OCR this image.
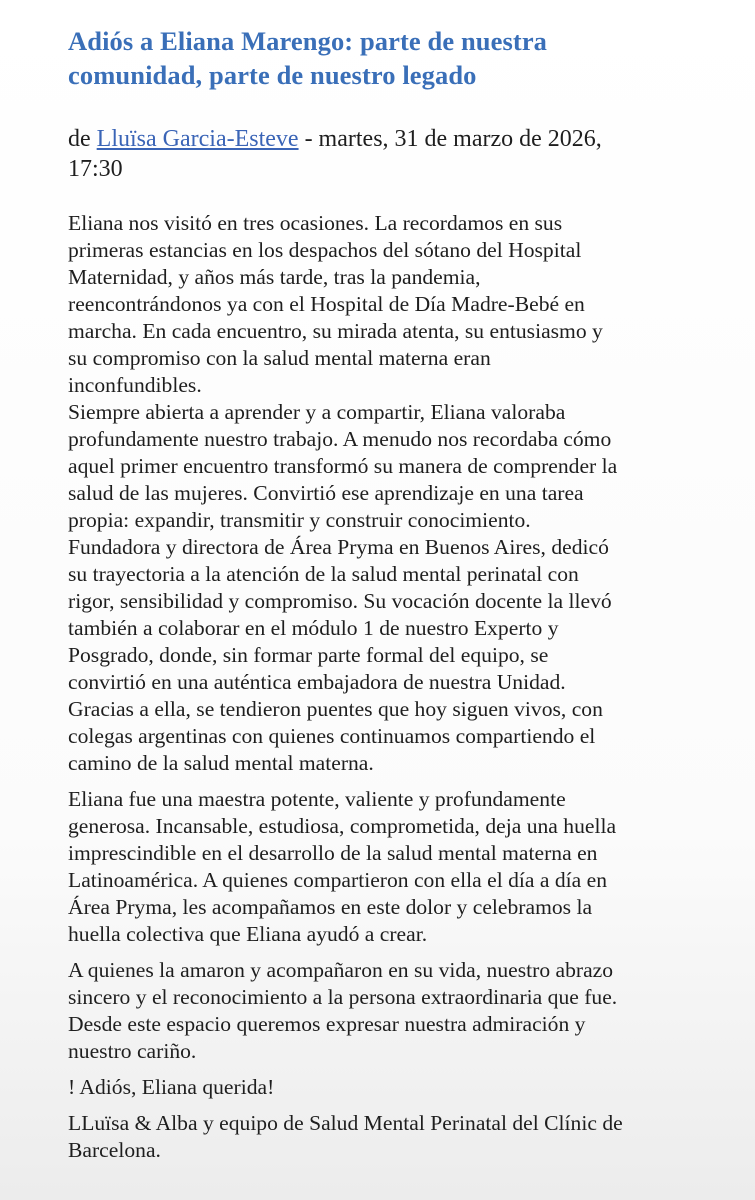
Adiós a Eliana Marengo: parte de nuestra
comunidad, parte de nuestro legado
de Lluïsa Garcia-Esteve - martes, 31 de marzo de 2026,
17:30

Eliana nos visitó en tres ocasiones. La recordamos en sus
primeras estancias en los despachos del sótano del Hospital
Maternidad, y años más tarde, tras la pandemia,
reencontrándonos ya con el Hospital de Día Madre-Bebé en
marcha. En cada encuentro, su mirada atenta, su entusiasmo y
su compromiso con la salud mental materna eran
inconfundibles.

Siempre abierta a aprender y a compartir, Eliana valoraba
profundamente nuestro trabajo. A menudo nos recordaba cómo
aquel primer encuentro transformó su manera de comprender la
salud de las mujeres. Convirtió ese aprendizaje en una tarea
propia: expandir, transmitir y construir conocimiento.
Fundadora y directora de Área Pryma en Buenos Aires, dedicó
su trayectoria a la atención de la salud mental perinatal con
rigor, sensibilidad y compromiso. Su vocación docente la llevó
también a colaborar en el módulo 1 de nuestro Experto y
Posgrado, donde, sin formar parte formal del equipo, se
convirtió en una auténtica embajadora de nuestra Unidad.
Gracias a ella, se tendieron puentes que hoy siguen vivos, con
colegas argentinas con quienes continuamos compartiendo el
camino de la salud mental materna.

Eliana fue una maestra potente, valiente y profundamente
generosa. Incansable, estudiosa, comprometida, deja una huella
imprescindible en el desarrollo de la salud mental materna en
Latinoamérica. A quienes compartieron con ella el día a día en
Área Pryma, les acompañamos en este dolor y celebramos la
huella colectiva que Eliana ayudó a crear.

A quienes la amaron y acompañaron en su vida, nuestro abrazo
sincero y el reconocimiento a la persona extraordinaria que fue.
Desde este espacio queremos expresar nuestra admiración y
nuestro cariño.

! Adiós, Eliana querida!

LLuïsa & Alba y equipo de Salud Mental Perinatal del Clínic de
Barcelona.
